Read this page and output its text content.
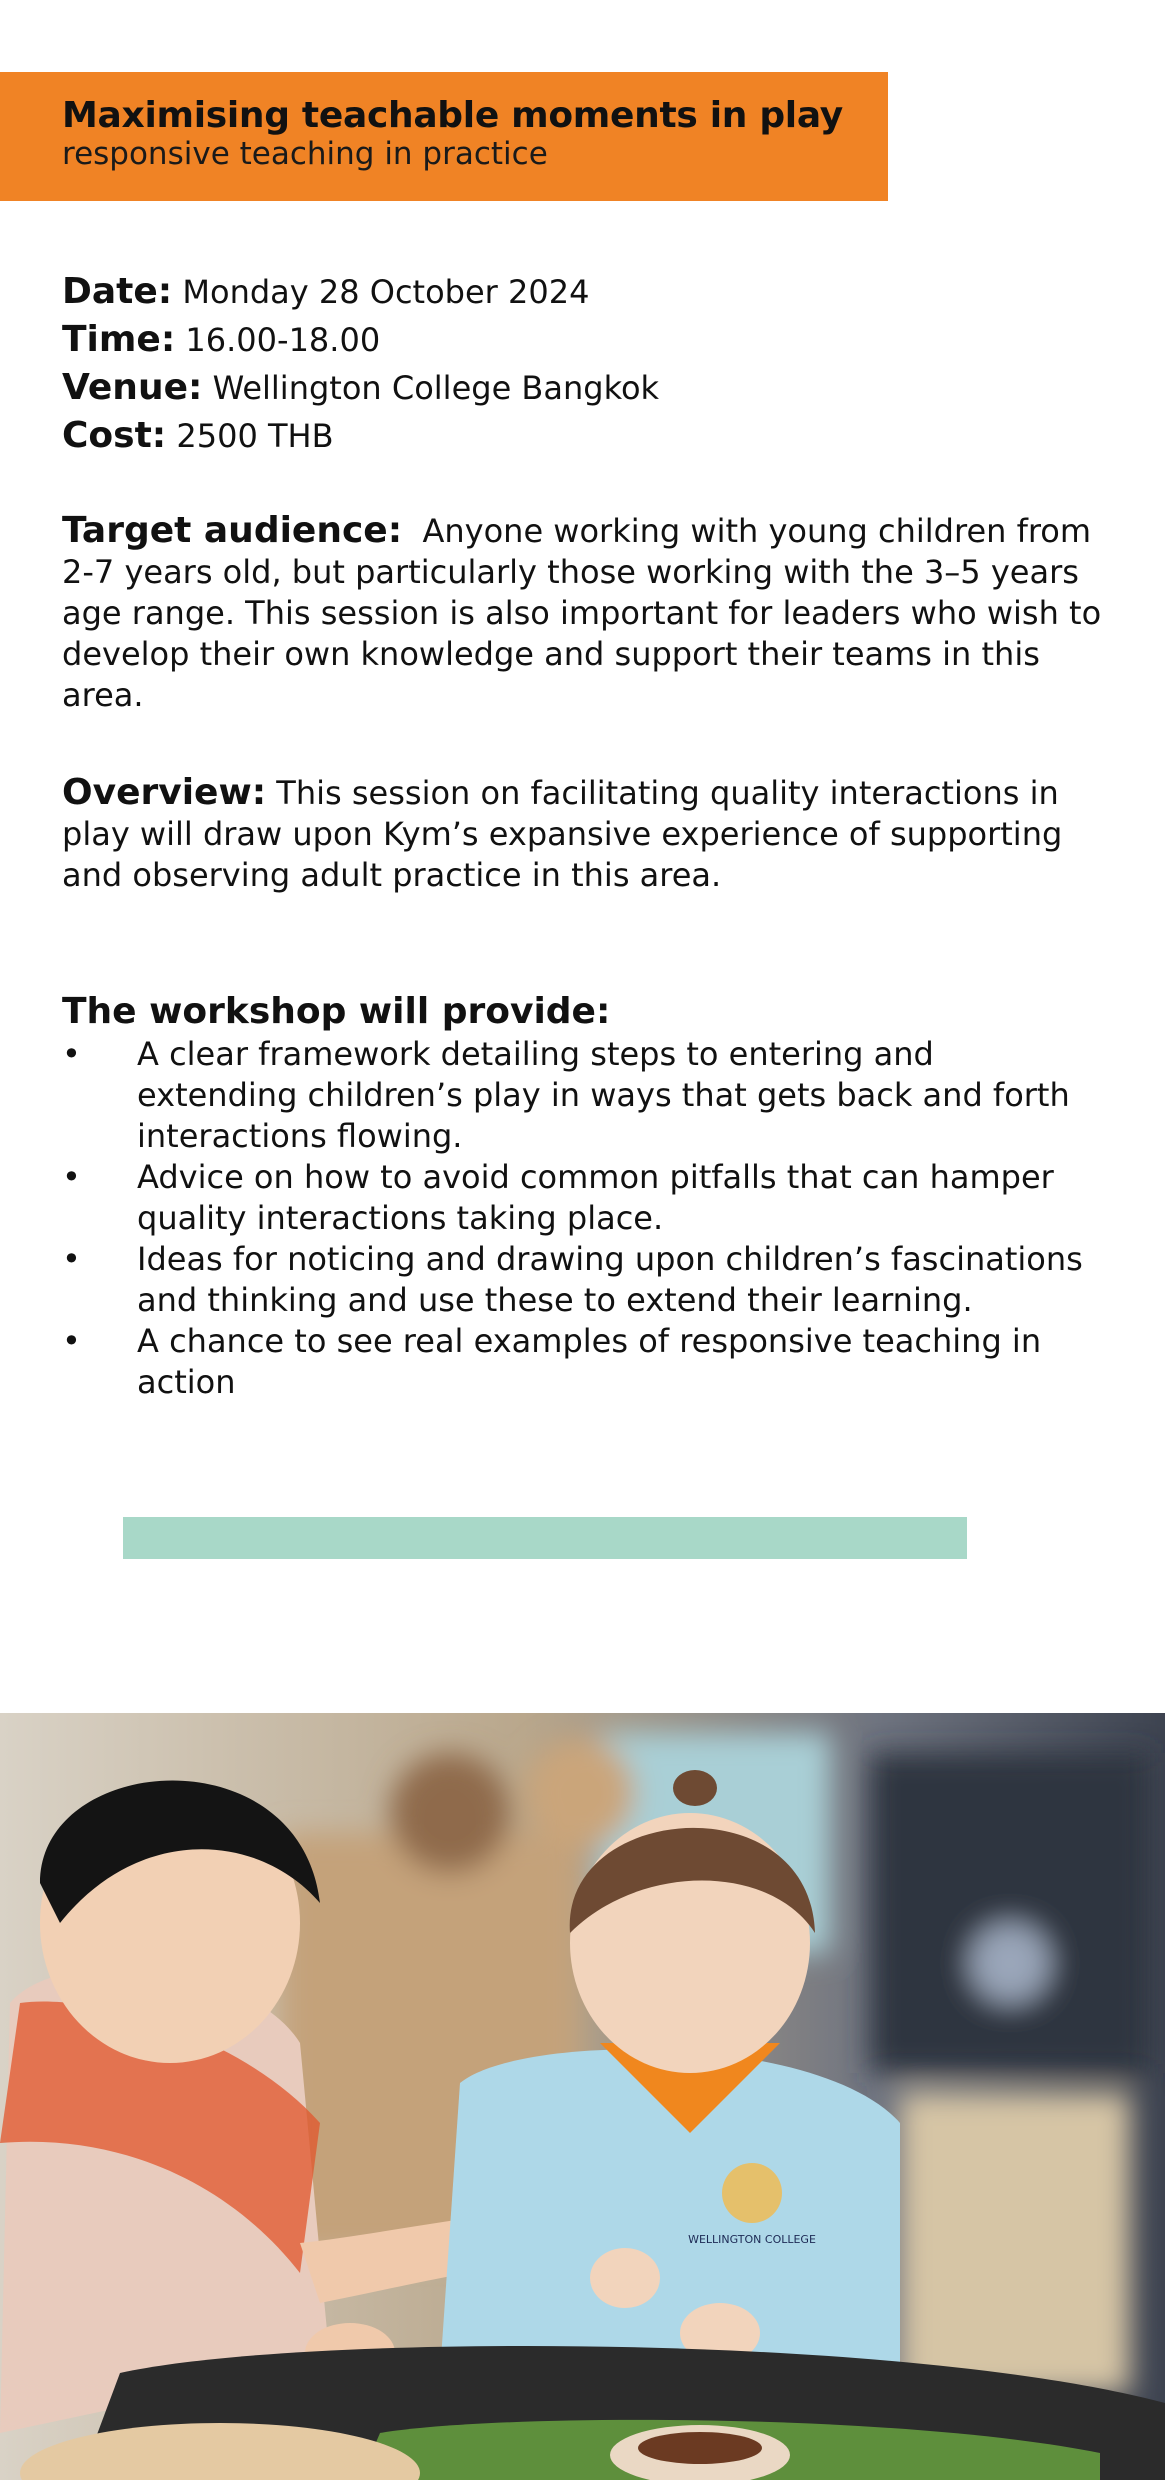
Maximising teachable moments in play
responsive teaching in practice
Date: Monday 28 October 2024
Time: 16.00-18.00
Venue: Wellington College Bangkok
Cost: 2500 THB
Target audience: Anyone working with young children from 2-7 years old, but particularly those working with the 3–5 years age range. This session is also important for leaders who wish to develop their own knowledge and support their teams in this area.
Overview: This session on facilitating quality interactions in play will draw upon Kym’s expansive experience of supporting and observing adult practice in this area.
The workshop will provide:
• A clear framework detailing steps to entering and extending children’s play in ways that gets back and forth interactions flowing.
• Advice on how to avoid common pitfalls that can hamper quality interactions taking place.
• Ideas for noticing and drawing upon children’s fascinations and thinking and use these to extend their learning.
• A chance to see real examples of responsive teaching in action
WELLINGTON COLLEGE
